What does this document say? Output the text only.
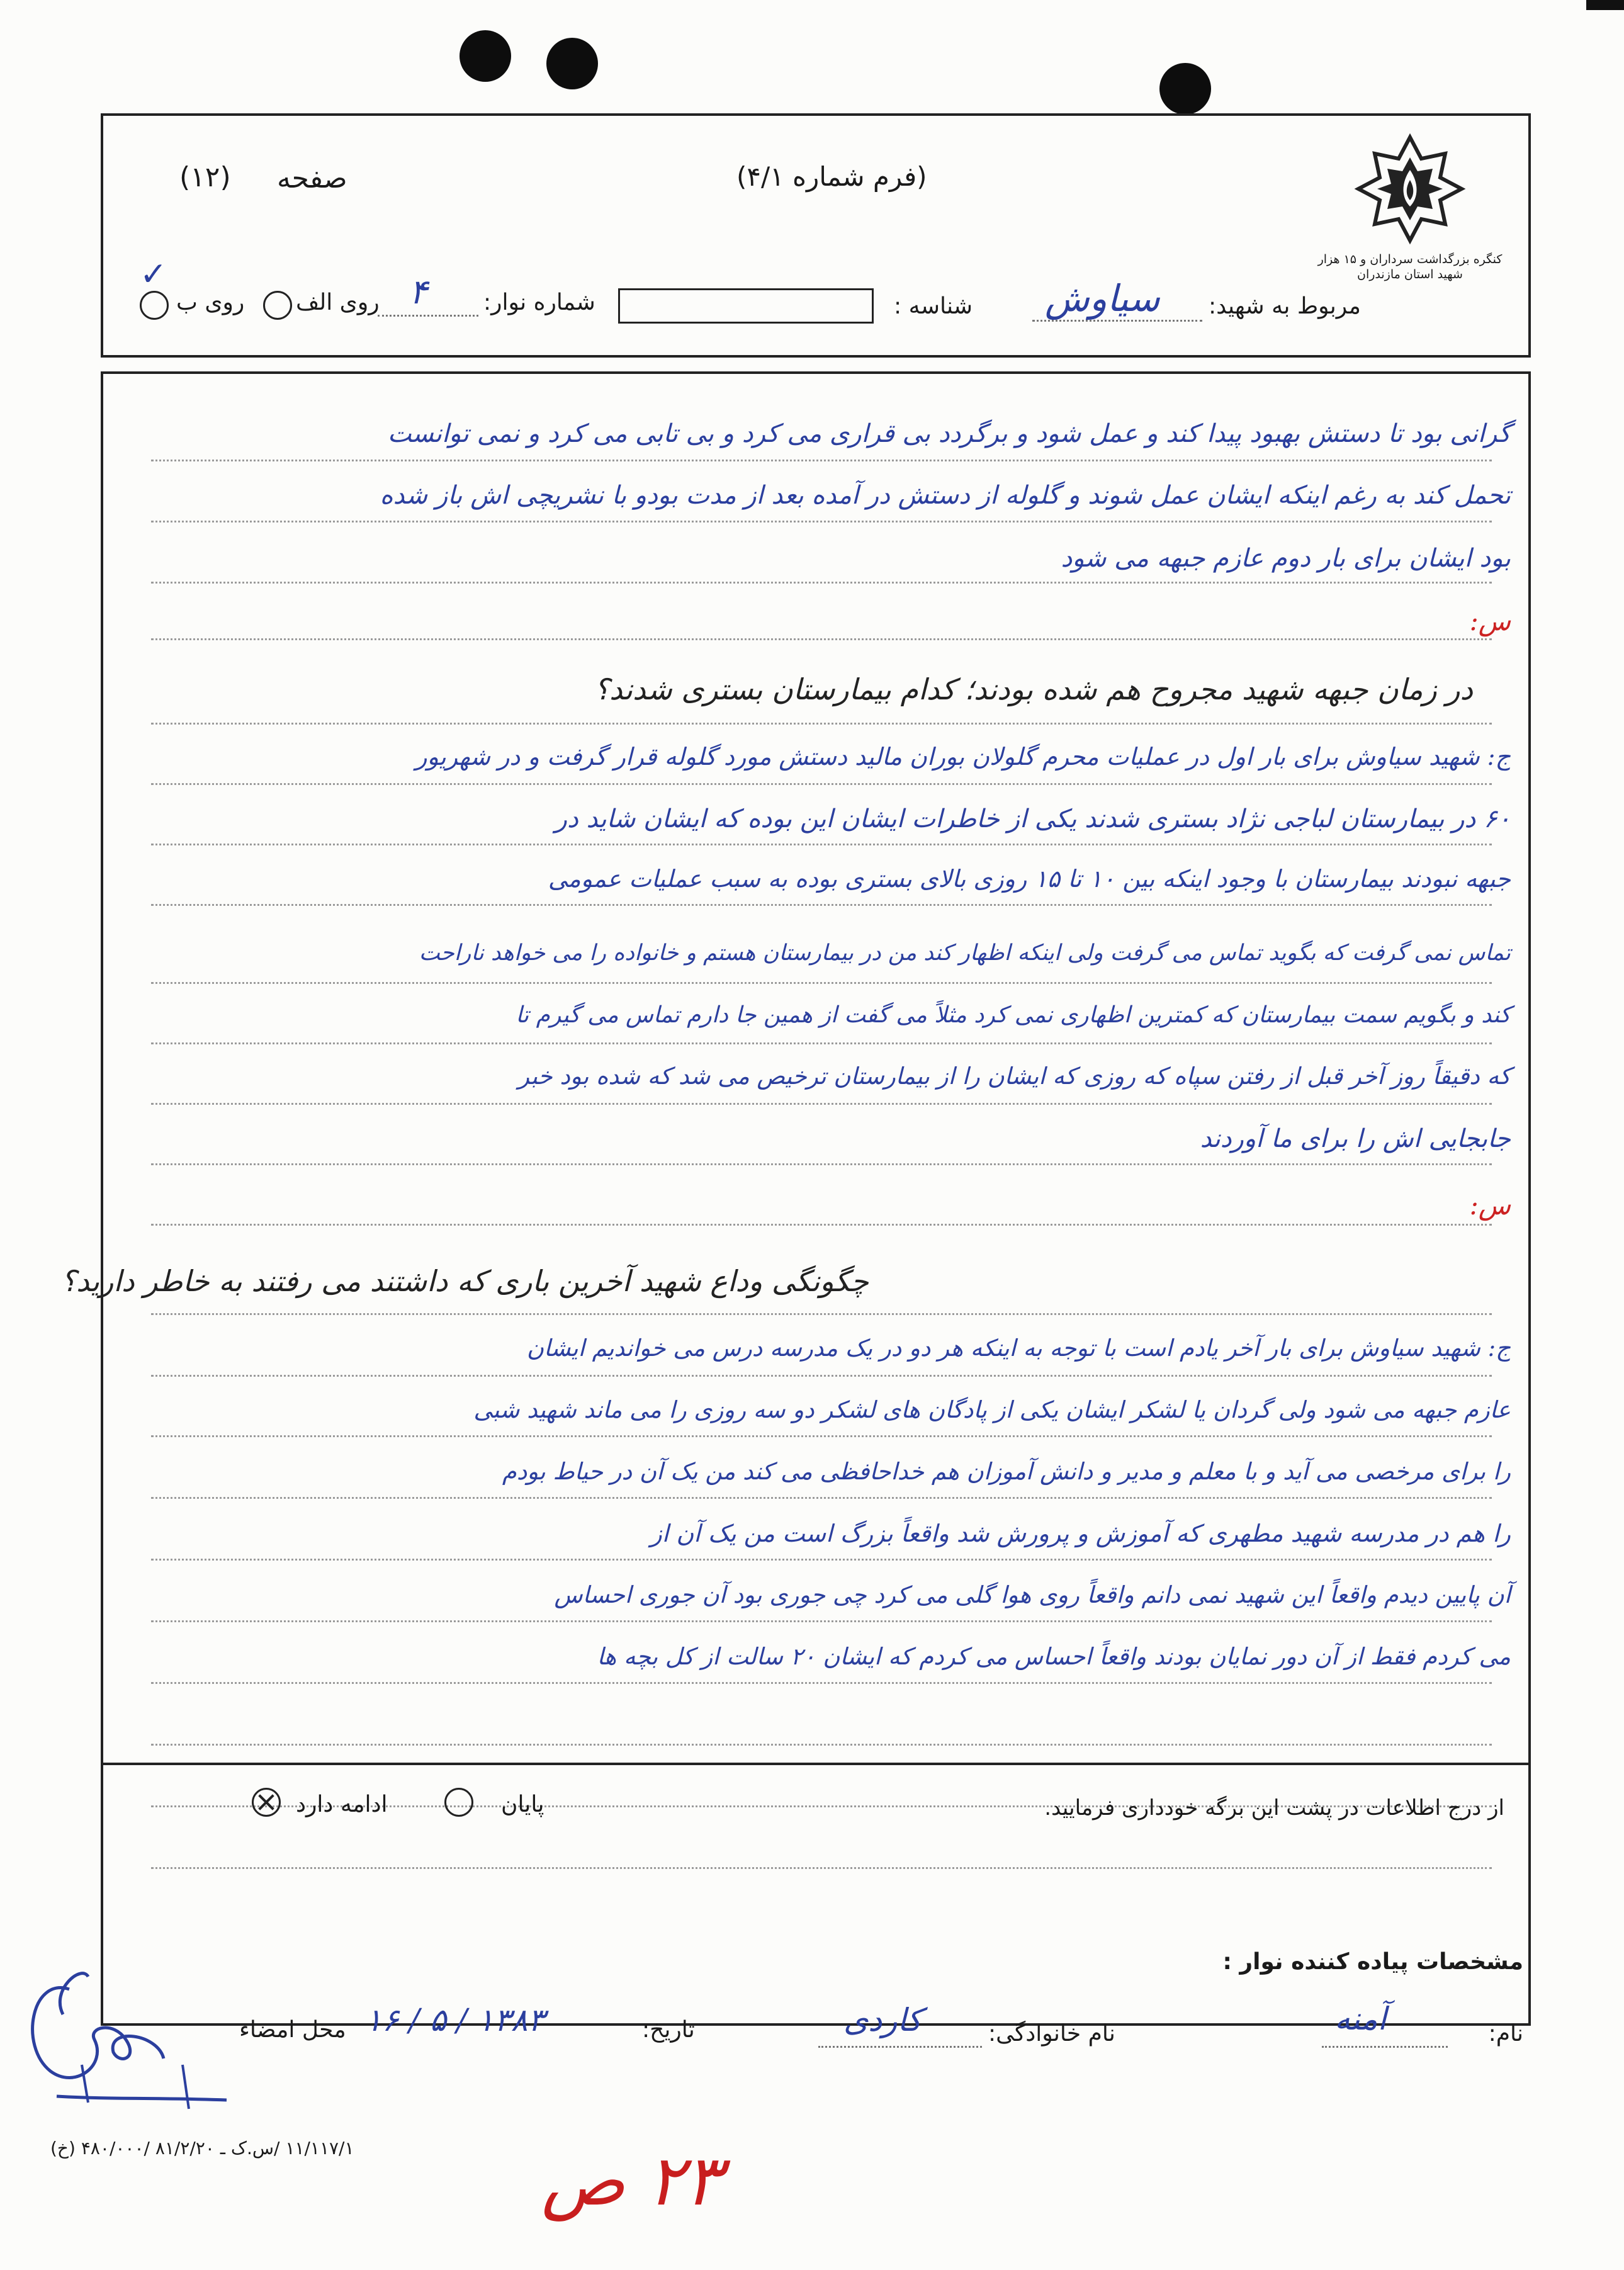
کنگره بزرگداشت سرداران و ۱۵ هزار شهید استان مازندران
صفحه
(۱۲)	(فرم شماره ۴/۱)
مربوط به شهید:
سیاوش
شناسه :
شماره نوار:
۴
روی الف
روی ب
✓
گرانی بود تا دستش بهبود پیدا کند و عمل شود و برگردد بی قراری می کرد و بی تابی می کرد و نمی توانست
تحمل کند به رغم اینکه ایشان عمل شوند و گلوله از دستش در آمده بعد از مدت بودو با نشریچی اش باز شده
بود ایشان برای بار دوم عازم جبهه می شود
س:
در زمان جبهه شهید مجروح هم شده بودند؛ کدام بیمارستان بستری شدند؟
ج: شهید سیاوش برای بار اول در عملیات محرم گلولان بوران مالید دستش مورد گلوله قرار گرفت و در شهریور
۶۰ در بیمارستان لباجی نژاد بستری شدند یکی از خاطرات ایشان این بوده که ایشان شاید در
جبهه نبودند بیمارستان با وجود اینکه بین ۱۰ تا ۱۵ روزی بالای بستری بوده به سبب عملیات عمومی
تماس نمی گرفت که بگوید تماس می گرفت ولی اینکه اظهار کند من در بیمارستان هستم و خانواده را می خواهد ناراحت
کند و بگویم سمت بیمارستان که کمترین اظهاری نمی کرد مثلاً می گفت از همین جا دارم تماس می گیرم تا
که دقیقاً روز آخر قبل از رفتن سپاه که روزی که ایشان را از بیمارستان ترخیص می شد که شده بود خبر
جابجایی اش را برای ما آوردند
س:
چگونگی وداع شهید آخرین باری که داشتند می رفتند به خاطر دارید؟
ج: شهید سیاوش برای بار آخر یادم است با توجه به اینکه هر دو در یک مدرسه درس می خواندیم ایشان
عازم جبهه می شود ولی گردان یا لشکر ایشان یکی از پادگان های لشکر دو سه روزی را می ماند شهید شبی
را برای مرخصی می آید و با معلم و مدیر و دانش آموزان هم خداحافظی می کند من یک آن در حیاط بودم
را هم در مدرسه شهید مطهری که آموزش و پرورش شد واقعاً بزرگ است من یک آن از
آن پایین دیدم واقعاً این شهید نمی دانم واقعاً روی هوا گلی می کرد چی جوری بود آن جوری احساس
می کردم فقط از آن دور نمایان بودند واقعاً احساس می کردم که ایشان ۲۰ سالت از کل بچه ها
از درج اطلاعات در پشت این برگه خودداری فرمایید.
پایان
ادامه دارد
مشخصات پیاده کننده نوار :
نام:
آمنه
نام خانوادگی:
کاردی
تاریخ:
۱۳۸۳ / ۵ / ۱۶
محل امضاء
۱۱/۱۱۷/۱ /س.ک ـ ۸۱/۲/۲۰ /۴۸۰/۰۰۰ (خ)	۲۳ ص
